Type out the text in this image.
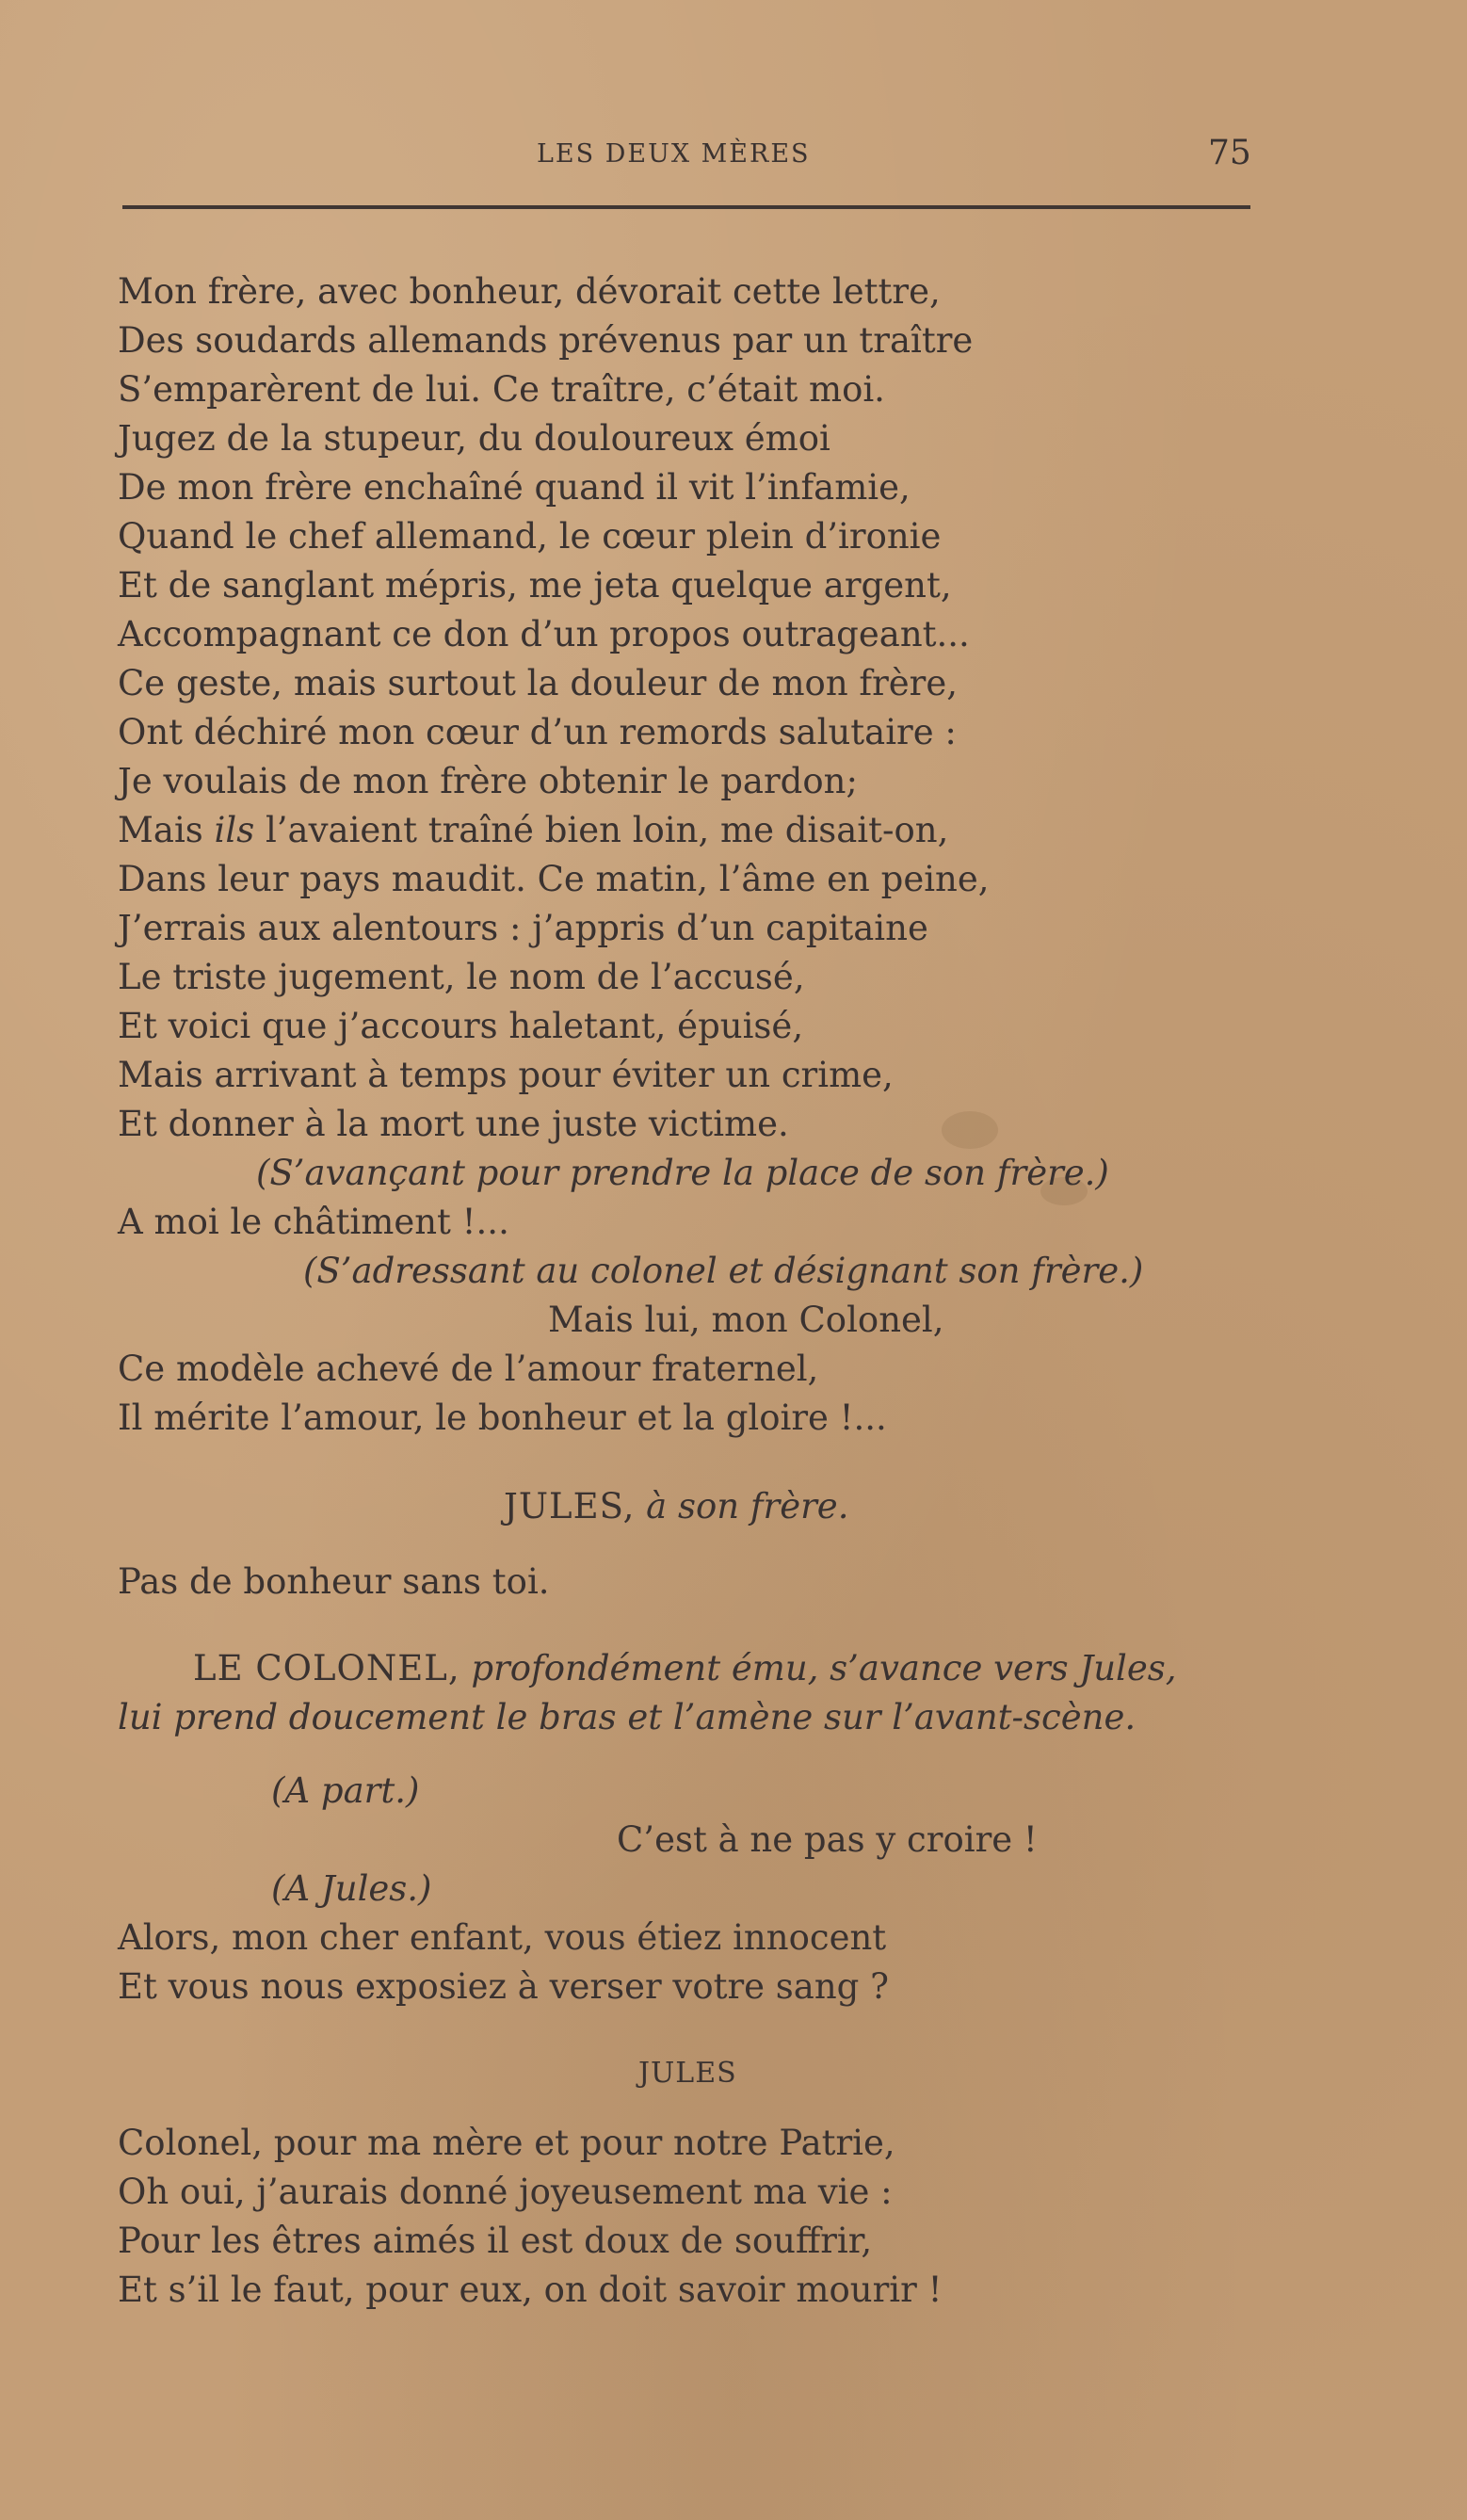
LES DEUX MÈRES	75
Mon frère, avec bonheur, dévorait cette lettre,
Des soudards allemands prévenus par un traître
S’emparèrent de lui. Ce traître, c’était moi.
Jugez de la stupeur, du douloureux émoi
De mon frère enchaîné quand il vit l’infamie,
Quand le chef allemand, le cœur plein d’ironie
Et de sanglant mépris, me jeta quelque argent,
Accompagnant ce don d’un propos outrageant...
Ce geste, mais surtout la douleur de mon frère,
Ont déchiré mon cœur d’un remords salutaire :
Je voulais de mon frère obtenir le pardon;
Mais ils l’avaient traîné bien loin, me disait-on,
Dans leur pays maudit. Ce matin, l’âme en peine,
J’errais aux alentours : j’appris d’un capitaine
Le triste jugement, le nom de l’accusé,
Et voici que j’accours haletant, épuisé,
Mais arrivant à temps pour éviter un crime,
Et donner à la mort une juste victime.
(S’avançant pour prendre la place de son frère.)
A moi le châtiment !...
(S’adressant au colonel et désignant son frère.)
Mais lui, mon Colonel,
Ce modèle achevé de l’amour fraternel,
Il mérite l’amour, le bonheur et la gloire !...
JULES, à son frère.
Pas de bonheur sans toi.
LE COLONEL, profondément ému, s’avance vers Jules,
lui prend doucement le bras et l’amène sur l’avant-scène.
(A part.)
C’est à ne pas y croire !
(A Jules.)
Alors, mon cher enfant, vous étiez innocent
Et vous nous exposiez à verser votre sang ?
JULES
Colonel, pour ma mère et pour notre Patrie,
Oh oui, j’aurais donné joyeusement ma vie :
Pour les êtres aimés il est doux de souffrir,
Et s’il le faut, pour eux, on doit savoir mourir !
